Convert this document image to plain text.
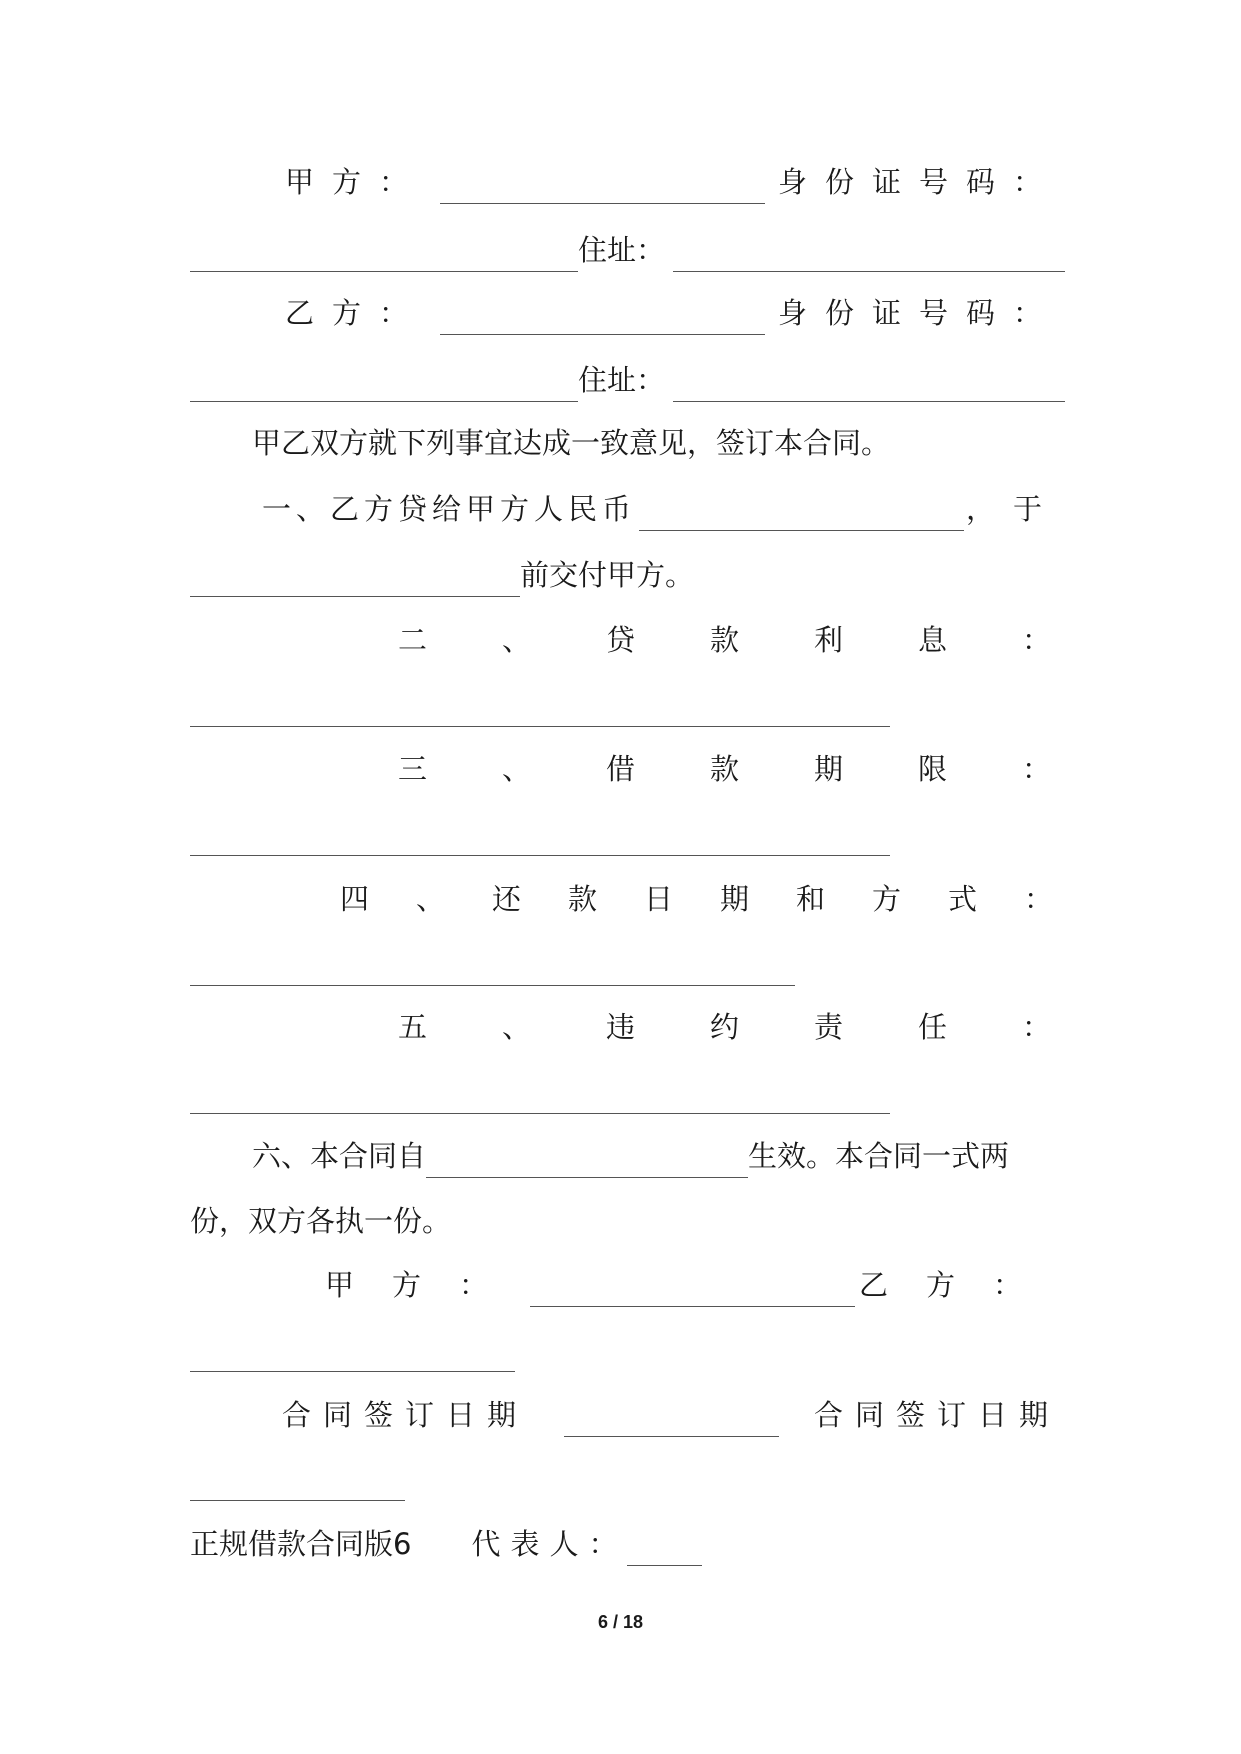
甲方：	身份证号码：
住址：
乙方：	身份证号码：
住址：
甲乙双方就下列事宜达成一致意见，签订本合同。
一、乙方贷给甲方人民币	，于
前交付甲方。
二、贷款利息：
三、借款期限：
四、还款日期和方式：
五、违约责任：
六、本合同自	生效。本合同一式两
份，双方各执一份。
甲方：	乙方：
合同签订日期	合同签订日期
正规借款合同版6 代表人：
6 / 18
